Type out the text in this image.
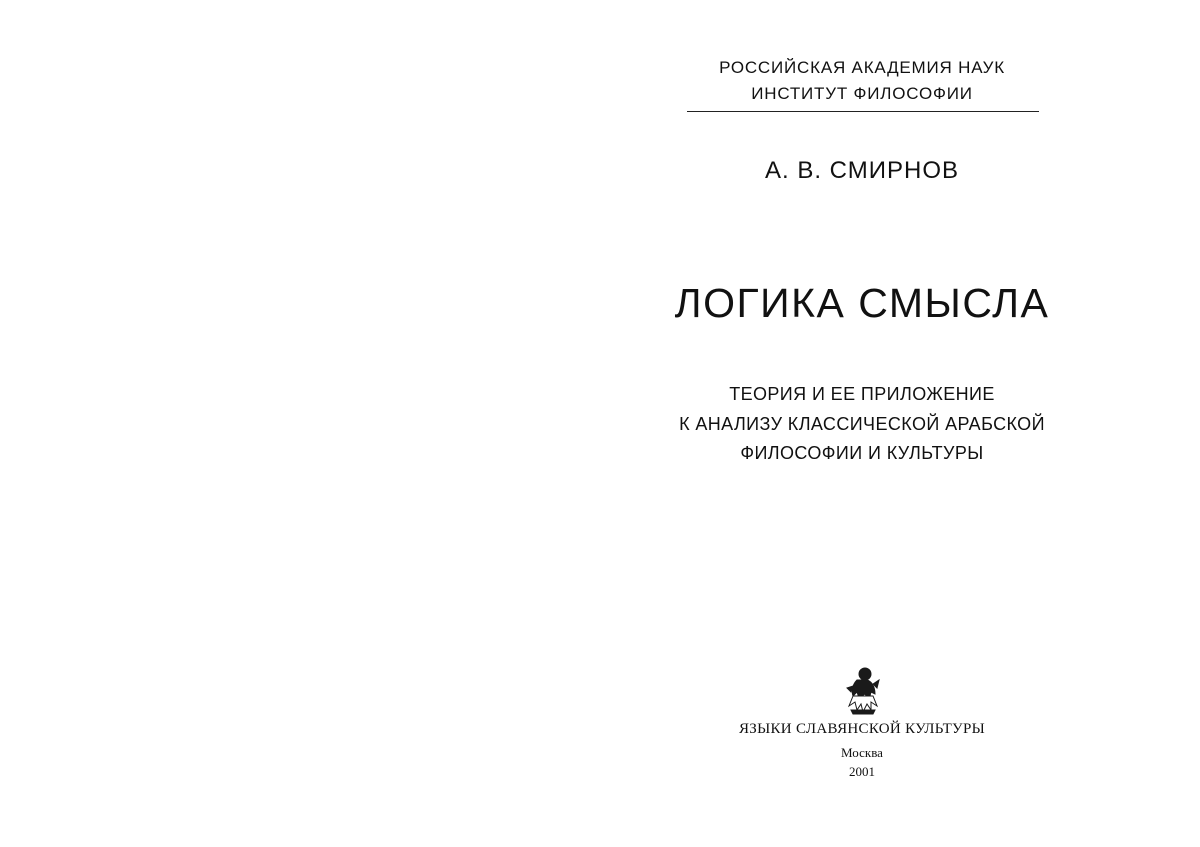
РОССИЙСКАЯ АКАДЕМИЯ НАУК
ИНСТИТУТ ФИЛОСОФИИ
А. В. СМИРНОВ
ЛОГИКА СМЫСЛА
ТЕОРИЯ И ЕЕ ПРИЛОЖЕНИЕ
К АНАЛИЗУ КЛАССИЧЕСКОЙ АРАБСКОЙ
ФИЛОСОФИИ И КУЛЬТУРЫ
ЯЗЫКИ СЛАВЯНСКОЙ КУЛЬТУРЫ
Москва
2001
